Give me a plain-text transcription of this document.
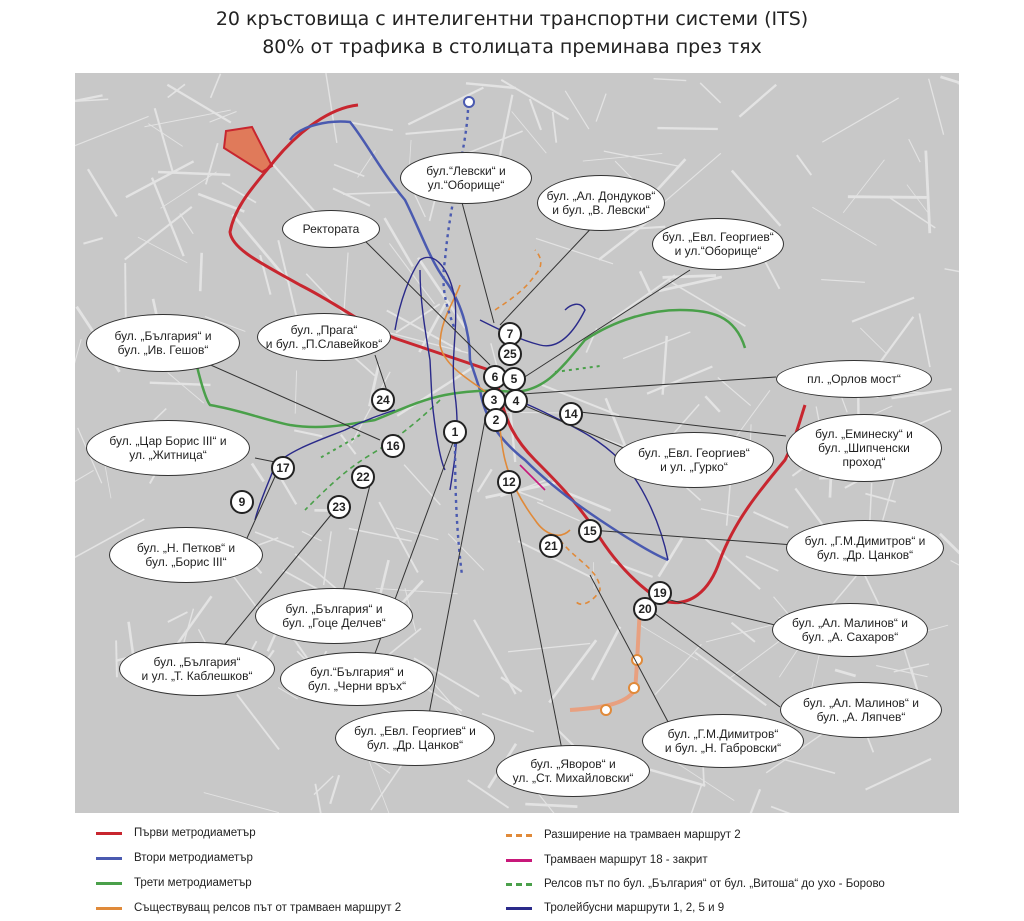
20 кръстовища с интелигентни транспортни системи (ITS)
80% от трафика в столицата преминава през тях
7
25
6	5
3	4
2
24
1
16
14
17
22	12
9	23
15
21
19
20
бул.“Левски“ и
ул.“Оборище“
бул. „Ал. Дондуков“
и бул. „В. Левски“
бул. „Евл. Георгиев“
и ул.“Оборище“
Ректората
бул. „България“ и
бул. „Ив. Гешов“
бул. „Прага“
и бул. „П.Славейков“
пл. „Орлов мост“
бул. „Цар Борис III“ и
ул. „Житница“
бул. „Еминеску“ и
бул. „Шипченски
проход“
бул. „Евл. Георгиев“
и ул. „Гурко“
бул. „Н. Петков“ и
бул. „Борис III“
бул. „Г.М.Димитров“ и
бул. „Др. Цанков“
бул. „България“ и
бул. „Гоце Делчев“	бул. „Ал. Малинов“ и
бул. „А. Сахаров“
бул. „България“
и ул. „Т. Каблешков“	бул.“България“ и
бул. „Черни връх“
бул. „Ал. Малинов“ и
бул. „А. Ляпчев“
бул. „Евл. Георгиев“ и
бул. „Др. Цанков“
бул. „Г.М.Димитров“
и бул. „Н. Габровски“
бул. „Яворов“ и
ул. „Ст. Михайловски“
Първи метродиаметър
Втори метродиаметър
Трети метродиаметър
Съществуващ релсов път от трамваен маршрут 2
Разширение на трамваен маршрут 2
Трамваен маршрут 18 - закрит
Релсов път по бул. „България“ от бул. „Витоша“ до ухо - Борово
Тролейбусни маршрути 1, 2, 5 и 9
